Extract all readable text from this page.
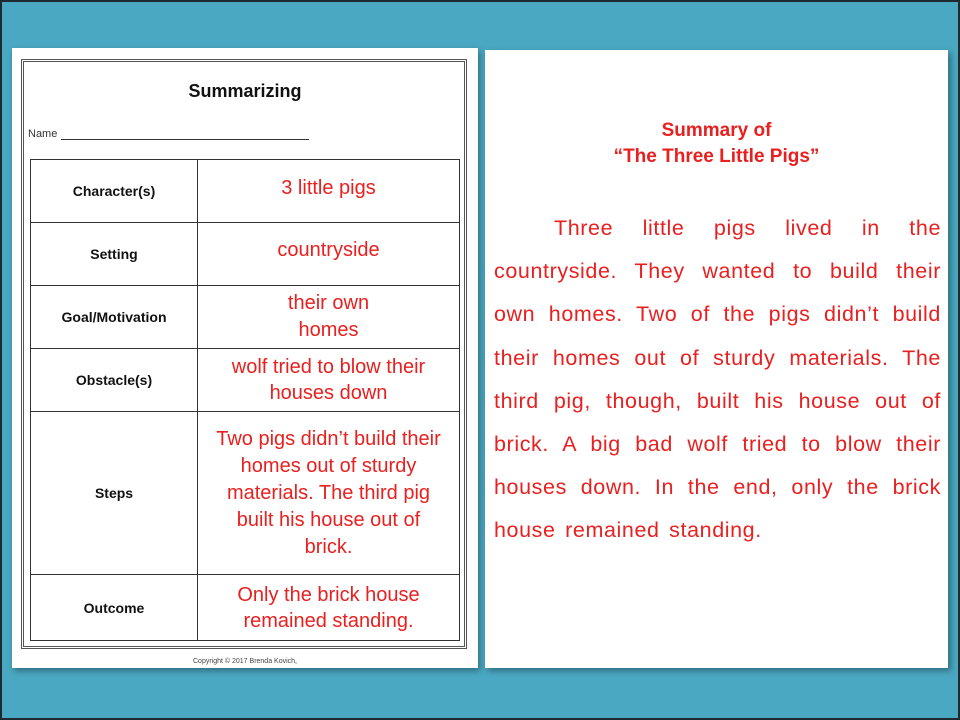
Summarizing
Name
Character(s)	3 little pigs
Setting	countryside
Goal/Motivation	their own homes
Obstacle(s)	wolf tried to blow their houses down
Steps	Two pigs didn’t build their homes out of sturdy materials. The third pig built his house out of brick.
Outcome	Only the brick house remained standing.
Copyright © 2017 Brenda Kovich,
Summary of
“The Three Little Pigs”
Three little pigs lived in the countryside. They wanted to build their own homes. Two of the pigs didn’t build their homes out of sturdy materials. The third pig, though, built his house out of brick. A big bad wolf tried to blow their houses down. In the end, only the brick house remained standing.
